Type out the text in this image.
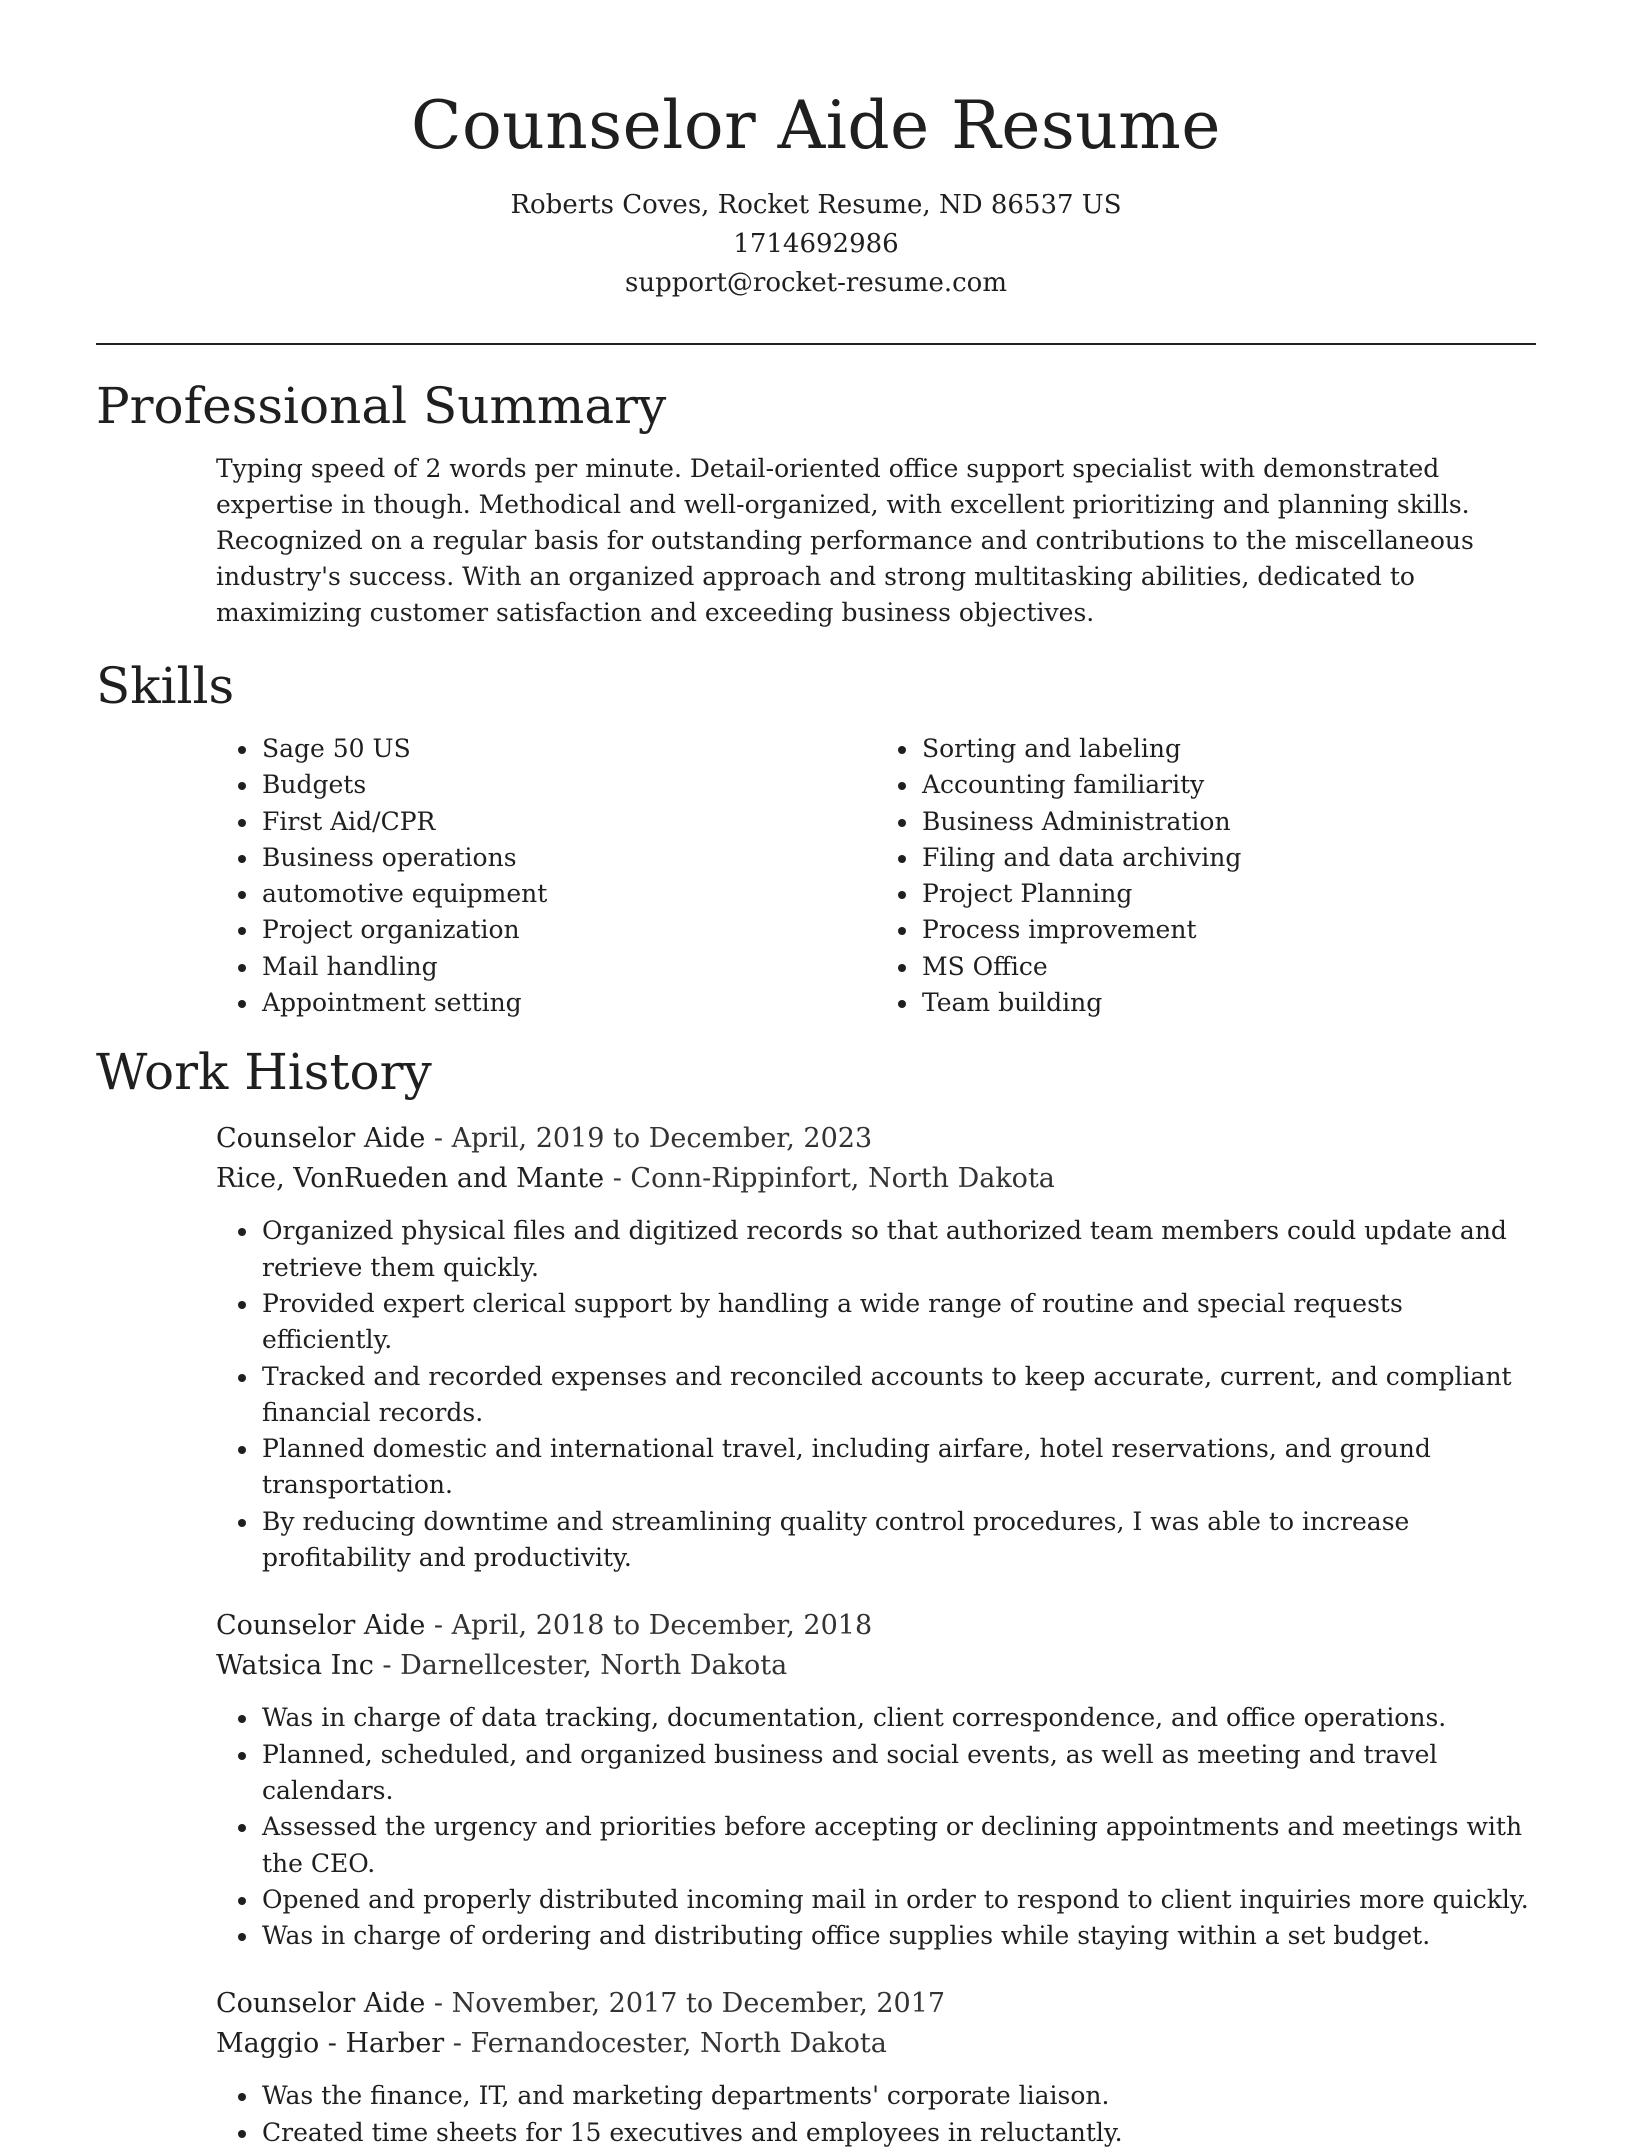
Counselor Aide Resume

Roberts Coves, Rocket Resume, ND 86537 US

1714692986

support@rocket-resume.com

Professional Summary

Typing speed of 2 words per minute. Detail-oriented office support specialist with demonstrated expertise in though. Methodical and well-organized, with excellent prioritizing and planning skills. Recognized on a regular basis for outstanding performance and contributions to the miscellaneous industry's success. With an organized approach and strong multitasking abilities, dedicated to maximizing customer satisfaction and exceeding business objectives.

Skills
• Sage 50 US
• Budgets
• First Aid/CPR
• Business operations
• automotive equipment
• Project organization
• Mail handling
• Appointment setting
• Sorting and labeling
• Accounting familiarity
• Business Administration
• Filing and data archiving
• Project Planning
• Process improvement
• MS Office
• Team building
Work History

Counselor Aide - April, 2019 to December, 2023

Rice, VonRueden and Mante - Conn-Rippinfort, North Dakota

• Organized physical files and digitized records so that authorized team members could update and retrieve them quickly.
• Provided expert clerical support by handling a wide range of routine and special requests efficiently.
• Tracked and recorded expenses and reconciled accounts to keep accurate, current, and compliant financial records.
• Planned domestic and international travel, including airfare, hotel reservations, and ground transportation.
• By reducing downtime and streamlining quality control procedures, I was able to increase profitability and productivity.

Counselor Aide - April, 2018 to December, 2018

Watsica Inc - Darnellcester, North Dakota

• Was in charge of data tracking, documentation, client correspondence, and office operations.
• Planned, scheduled, and organized business and social events, as well as meeting and travel calendars.
• Assessed the urgency and priorities before accepting or declining appointments and meetings with the CEO.
• Opened and properly distributed incoming mail in order to respond to client inquiries more quickly.
• Was in charge of ordering and distributing office supplies while staying within a set budget.

Counselor Aide - November, 2017 to December, 2017

Maggio - Harber - Fernandocester, North Dakota

• Was the finance, IT, and marketing departments' corporate liaison.
• Created time sheets for 15 executives and employees in reluctantly.
